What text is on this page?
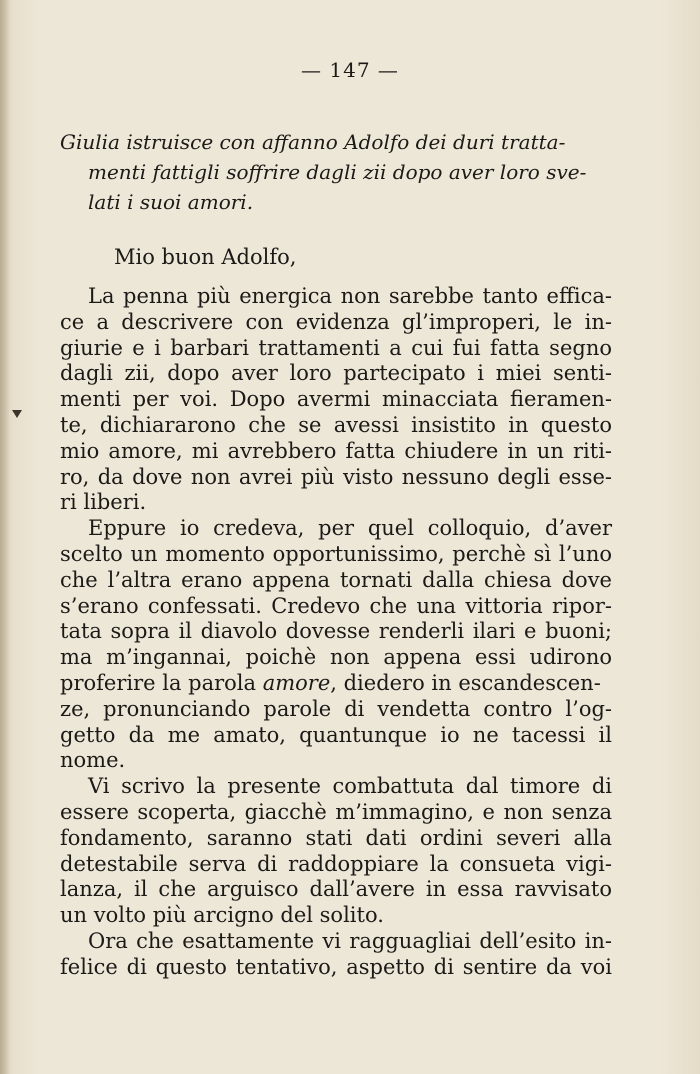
— 147 —
Giulia istruisce con affanno Adolfo dei duri tratta-
menti fattigli soffrire dagli zii dopo aver loro sve-
lati i suoi amori.
Mio buon Adolfo,
La penna più energica non sarebbe tanto effica-
ce a descrivere con evidenza gl’improperi, le in-
giurie e i barbari trattamenti a cui fui fatta segno
dagli zii, dopo aver loro partecipato i miei senti-
menti per voi. Dopo avermi minacciata fieramen-
te, dichiararono che se avessi insistito in questo
mio amore, mi avrebbero fatta chiudere in un riti-
ro, da dove non avrei più visto nessuno degli esse-
ri liberi.
Eppure io credeva, per quel colloquio, d’aver
scelto un momento opportunissimo, perchè sì l’uno
che l’altra erano appena tornati dalla chiesa dove
s’erano confessati. Credevo che una vittoria ripor-
tata sopra il diavolo dovesse renderli ilari e buoni;
ma m’ingannai, poichè non appena essi udirono
proferire la parola amore, diedero in escandescen-
ze, pronunciando parole di vendetta contro l’og-
getto da me amato, quantunque io ne tacessi il
nome.
Vi scrivo la presente combattuta dal timore di
essere scoperta, giacchè m’immagino, e non senza
fondamento, saranno stati dati ordini severi alla
detestabile serva di raddoppiare la consueta vigi-
lanza, il che arguisco dall’avere in essa ravvisato
un volto più arcigno del solito.
Ora che esattamente vi ragguagliai dell’esito in-
felice di questo tentativo, aspetto di sentire da voi
